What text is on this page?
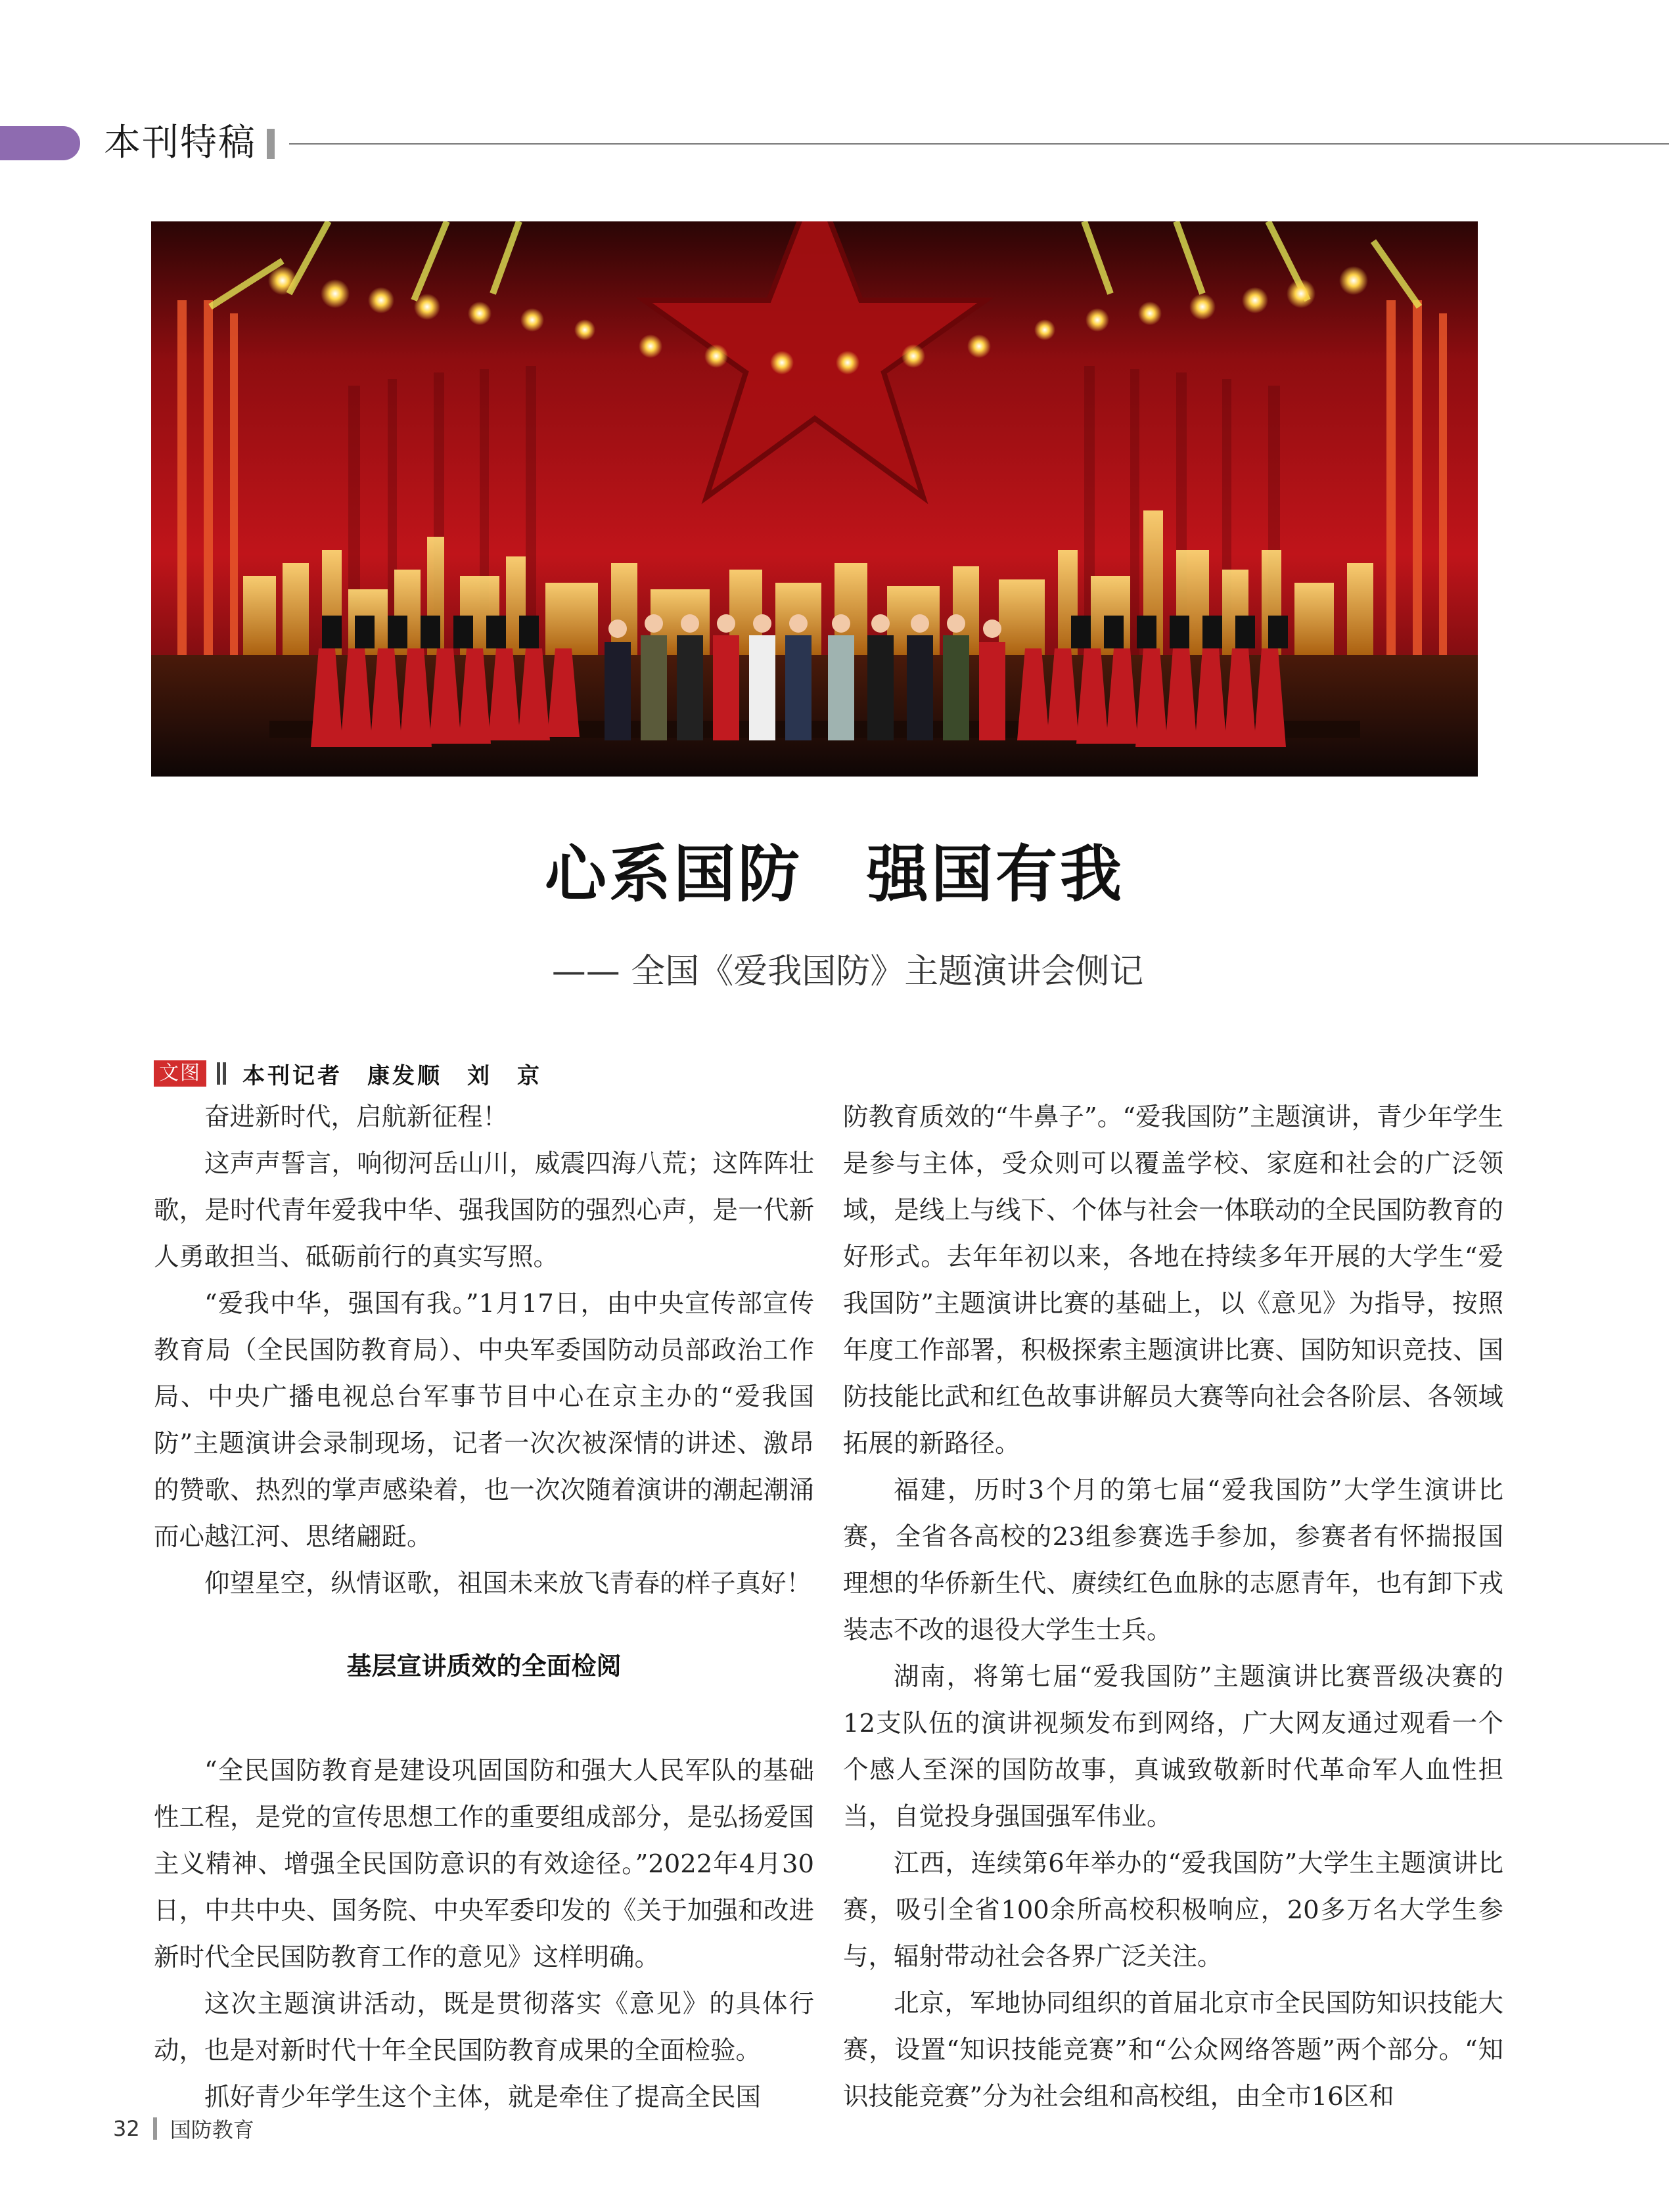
本刊特稿
心系国防　强国有我
—— 全国《爱我国防》主题演讲会侧记
文图 本刊记者　康发顺　刘　京

奋进新时代，启航新征程！

这声声誓言，响彻河岳山川，威震四海八荒；这阵阵壮歌，是时代青年爱我中华、强我国防的强烈心声，是一代新人勇敢担当、砥砺前行的真实写照。

“爱我中华，强国有我。”1月17日，由中央宣传部宣传教育局（全民国防教育局）、中央军委国防动员部政治工作局、中央广播电视总台军事节目中心在京主办的“爱我国防”主题演讲会录制现场，记者一次次被深情的讲述、激昂的赞歌、热烈的掌声感染着，也一次次随着演讲的潮起潮涌而心越江河、思绪翩跹。

仰望星空，纵情讴歌，祖国未来放飞青春的样子真好！

基层宣讲质效的全面检阅

“全民国防教育是建设巩固国防和强大人民军队的基础性工程，是党的宣传思想工作的重要组成部分，是弘扬爱国主义精神、增强全民国防意识的有效途径。”2022年4月30日，中共中央、国务院、中央军委印发的《关于加强和改进新时代全民国防教育工作的意见》这样明确。

这次主题演讲活动，既是贯彻落实《意见》的具体行动，也是对新时代十年全民国防教育成果的全面检验。

抓好青少年学生这个主体，就是牵住了提高全民国

防教育质效的“牛鼻子”。“爱我国防”主题演讲，青少年学生是参与主体，受众则可以覆盖学校、家庭和社会的广泛领域，是线上与线下、个体与社会一体联动的全民国防教育的好形式。去年年初以来，各地在持续多年开展的大学生“爱我国防”主题演讲比赛的基础上，以《意见》为指导，按照年度工作部署，积极探索主题演讲比赛、国防知识竞技、国防技能比武和红色故事讲解员大赛等向社会各阶层、各领域拓展的新路径。

福建，历时3个月的第七届“爱我国防”大学生演讲比赛，全省各高校的23组参赛选手参加，参赛者有怀揣报国理想的华侨新生代、赓续红色血脉的志愿青年，也有卸下戎装志不改的退役大学生士兵。

湖南，将第七届“爱我国防”主题演讲比赛晋级决赛的12支队伍的演讲视频发布到网络，广大网友通过观看一个个感人至深的国防故事，真诚致敬新时代革命军人血性担当，自觉投身强国强军伟业。

江西，连续第6年举办的“爱我国防”大学生主题演讲比赛，吸引全省100余所高校积极响应，20多万名大学生参与，辐射带动社会各界广泛关注。

北京，军地协同组织的首届北京市全民国防知识技能大赛，设置“知识技能竞赛”和“公众网络答题”两个部分。“知识技能竞赛”分为社会组和高校组，由全市16区和

32 国防教育
